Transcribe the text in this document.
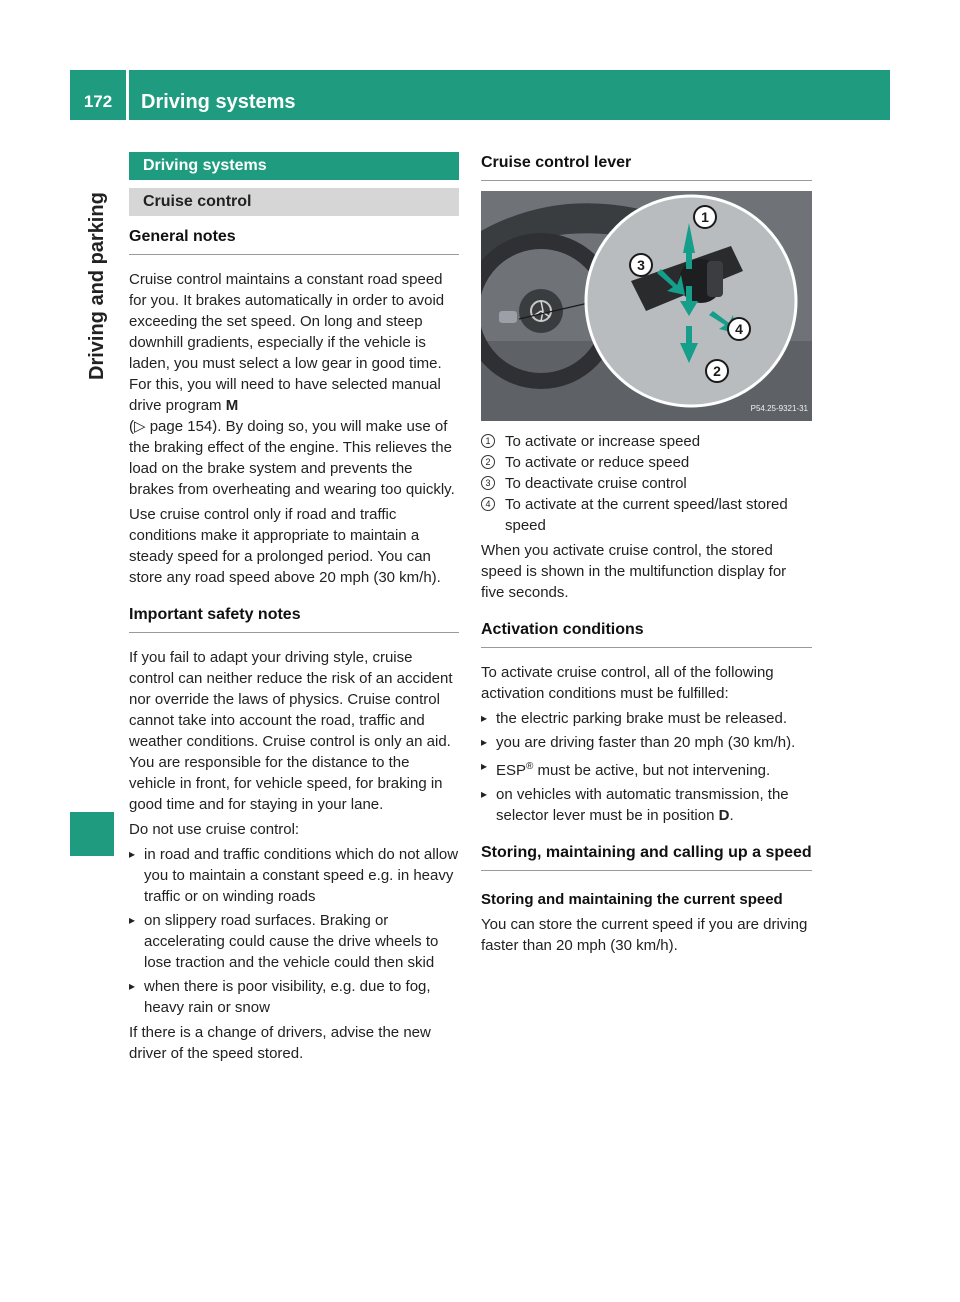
172	Driving systems
Driving and parking
Driving systems
Cruise control
General notes

Cruise control maintains a constant road speed for you. It brakes automatically in order to avoid exceeding the set speed. On long and steep downhill gradients, especially if the vehicle is laden, you must select a low gear in good time. For this, you will need to have selected manual drive program M
(▷ page 154). By doing so, you will make use of the braking effect of the engine. This relieves the load on the brake system and prevents the brakes from overheating and wearing too quickly.

Use cruise control only if road and traffic conditions make it appropriate to maintain a steady speed for a prolonged period. You can store any road speed above 20 mph (30 km/h).

Important safety notes

If you fail to adapt your driving style, cruise control can neither reduce the risk of an accident nor override the laws of physics. Cruise control cannot take into account the road, traffic and weather conditions. Cruise control is only an aid. You are responsible for the distance to the vehicle in front, for vehicle speed, for braking in good time and for staying in your lane.

Do not use cruise control:

▸ in road and traffic conditions which do not allow you to maintain a constant speed e.g. in heavy traffic or on winding roads
▸ on slippery road surfaces. Braking or accelerating could cause the drive wheels to lose traction and the vehicle could then skid
▸ when there is poor visibility, e.g. due to fog, heavy rain or snow

If there is a change of drivers, advise the new driver of the speed stored.

Cruise control lever
1
3
4
2
P54.25-9321-31
1 To activate or increase speed
2 To activate or reduce speed
3 To deactivate cruise control
4 To activate at the current speed/last stored speed

When you activate cruise control, the stored speed is shown in the multifunction display for five seconds.

Activation conditions

To activate cruise control, all of the following activation conditions must be fulfilled:

▸ the electric parking brake must be released.
▸ you are driving faster than 20 mph (30 km/h).
▸ ESP® must be active, but not intervening.
▸ on vehicles with automatic transmission, the selector lever must be in position D.
Storing, maintaining and calling up a speed
Storing and maintaining the current speed

You can store the current speed if you are driving faster than 20 mph (30 km/h).
